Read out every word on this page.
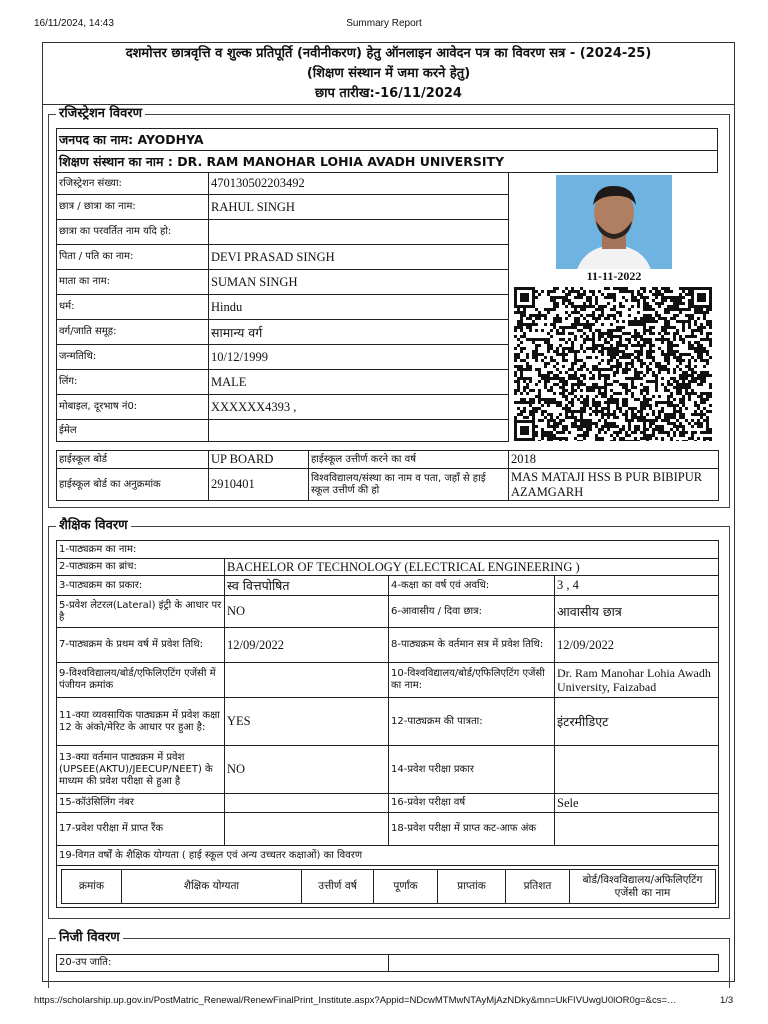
16/11/2024, 14:43	Summary Report
https://scholarship.up.gov.in/PostMatric_Renewal/RenewFinalPrint_Institute.aspx?Appid=NDcwMTMwNTAyMjAzNDky&mn=UkFIVUwgU0lOR0g=&cs=…	1/3
दशमोत्तर छात्रवृत्ति व शुल्क प्रतिपूर्ति (नवीनीकरण) हेतु ऑनलाइन आवेदन पत्र का विवरण सत्र - (2024-25)
(शिक्षण संस्थान में जमा करने हेतु)
छाप तारीख:-16/11/2024
रजिस्ट्रेशन विवरण
जनपद का नाम: AYODHYA
शिक्षण संस्थान का नाम : DR. RAM MANOHAR LOHIA AVADH UNIVERSITY
रजिस्ट्रेशन संख्या:	470130502203492
छात्र / छात्रा का नाम:	RAHUL SINGH
छात्रा का परवर्तित नाम यदि हो:	
पिता / पति का नाम:	DEVI PRASAD SINGH
माता का नाम:	SUMAN SINGH
धर्म:	Hindu
वर्ग/जाति समूह:	सामान्य वर्ग
जन्मतिथि:	10/12/1999
लिंग:	MALE
मोबाइल, दूरभाष नं0:	XXXXXX4393 ,
ईमेल	
11-11-2022
हाईस्कूल बोर्ड	UP BOARD	हाईस्कूल उत्तीर्ण करने का वर्ष	2018
हाईस्कूल बोर्ड का अनुक्रमांक	2910401	विश्वविद्यालय/संस्था का नाम व पता, जहाँ से हाई स्कूल उत्तीर्ण की हो	MAS MATAJI HSS B PUR BIBIPUR AZAMGARH
शैक्षिक विवरण
1-पाठ्यक्रम का नाम:
2-पाठ्यक्रम का ब्रांच:	BACHELOR OF TECHNOLOGY (ELECTRICAL ENGINEERING )
3-पाठ्यक्रम का प्रकार:	स्व वित्तपोषित	4-कक्षा का वर्ष एवं अवधि:	3 , 4
5-प्रवेश लेटरल(Lateral) इंट्री के आधार पर है	NO	6-आवासीय / दिवा छात्र:	आवासीय छात्र
7-पाठ्यक्रम के प्रथम वर्ष में प्रवेश तिथि:	12/09/2022	8-पाठ्यक्रम के वर्तमान सत्र में प्रवेश तिथि:	12/09/2022
9-विश्वविद्यालय/बोर्ड/एफिलिएटिंग एजेंसी में पंजीयन क्रमांक		10-विश्वविद्यालय/बोर्ड/एफिलिएटिंग एजेंसी का नाम:	Dr. Ram Manohar Lohia Awadh University, Faizabad
11-क्या व्यवसायिक पाठ्यक्रम में प्रवेश कक्षा 12 के अंको/मेरिट के आधार पर हुआ है:	YES	12-पाठ्यक्रम की पात्रता:	इंटरमीडिएट
13-क्या वर्तमान पाठ्यक्रम में प्रवेश (UPSEE(AKTU)/JEECUP/NEET) के माध्यम की प्रवेश परीक्षा से हुआ है	NO	14-प्रवेश परीक्षा प्रकार	
15-कॉउंसिलिंग नंबर		16-प्रवेश परीक्षा वर्ष	Sele
17-प्रवेश परीक्षा में प्राप्त रैंक		18-प्रवेश परीक्षा में प्राप्त कट-आफ अंक	
19-विगत वर्षों के शैक्षिक योग्यता ( हाई स्कूल एवं अन्य उच्चतर कक्षाओं) का विवरण

क्रमांक	शैक्षिक योग्यता	उत्तीर्ण वर्ष	पूर्णांक	प्राप्तांक	प्रतिशत	बोर्ड/विश्वविद्यालय/अफिलिएटिंग एजेंसी का नाम
निजी विवरण
20-उप जाति:	
